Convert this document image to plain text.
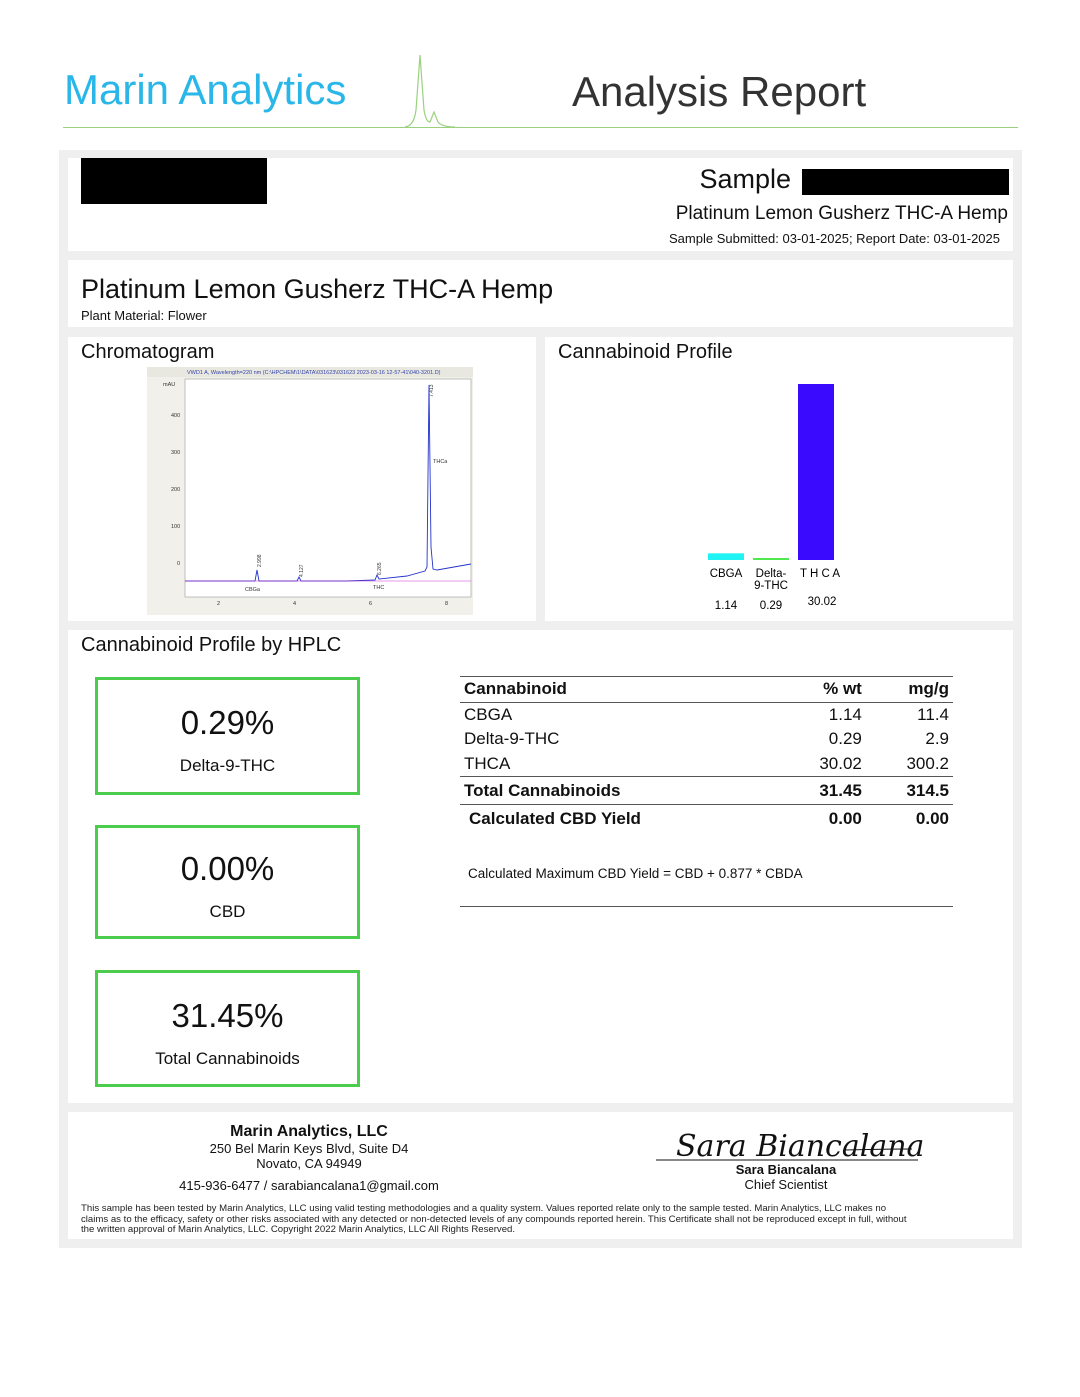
Marin Analytics	Analysis Report
Sample
Platinum Lemon Gusherz THC-A Hemp
Sample Submitted: 03-01-2025; Report Date: 03-01-2025
Platinum Lemon Gusherz THC-A Hemp
Plant Material: Flower
Chromatogram
VWD1 A, Wavelength=220 nm (C:\HPCHEM\1\DATA\031623\031623 2023-03-16 12-57-41\040-3201.D)
mAU
400
300
200
100
0
2	4	6	8
2.998
4.127	6.265
7.413
CBGa	THC
THCa
Cannabinoid Profile
CBGA
1.14
Delta-
9-THC
0.29
T H C A
30.02
Cannabinoid Profile by HPLC
0.29%
Delta-9-THC
0.00%
CBD
31.45%
Total Cannabinoids
Cannabinoid	% wt	mg/g
CBGA	1.14	11.4
Delta-9-THC	0.29	2.9
THCA	30.02	300.2
Total Cannabinoids	31.45	314.5
Calculated CBD Yield	0.00	0.00
Calculated Maximum CBD Yield = CBD + 0.877 * CBDA
Marin Analytics, LLC
250 Bel Marin Keys Blvd, Suite D4
Novato, CA 94949
415-936-6477 / sarabiancalana1@gmail.com
Sara Biancalana
Sara Biancalana
Chief Scientist
This sample has been tested by Marin Analytics, LLC using valid testing methodologies and a quality system. Values reported relate only to the sample tested. Marin Analytics, LLC makes no
claims as to the efficacy, safety or other risks associated with any detected or non-detected levels of any compounds reported herein. This Certificate shall not be reproduced except in full, without
the written approval of Marin Analytics, LLC. Copyright 2022 Marin Analytics, LLC All Rights Reserved.
